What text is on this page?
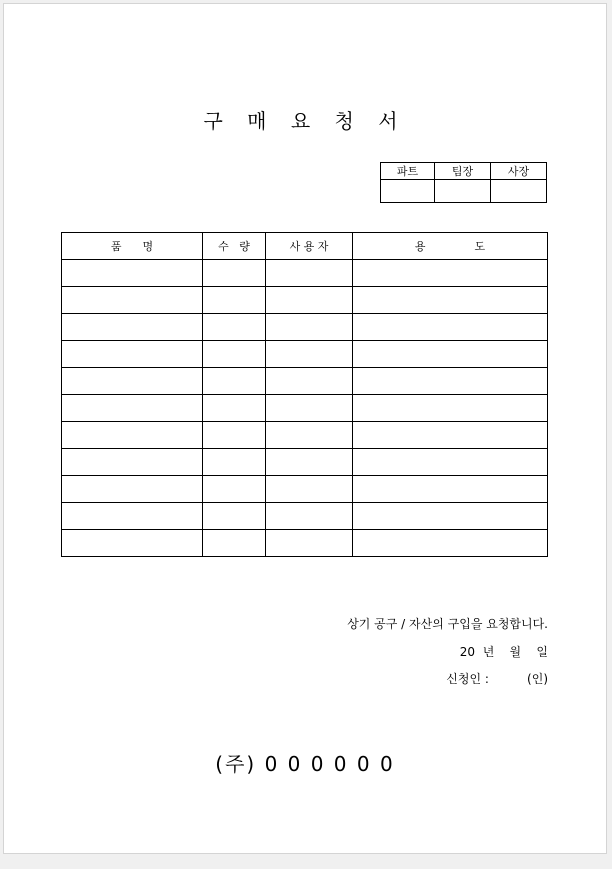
구 매 요 청 서
파트	팀장	사장

품      명	수   량	사 용 자	용              도

상기 공구 / 자산의 구입을 요청합니다.
20  년    월    일
신청인 :          (인)
(주) 0 0 0 0 0 0
